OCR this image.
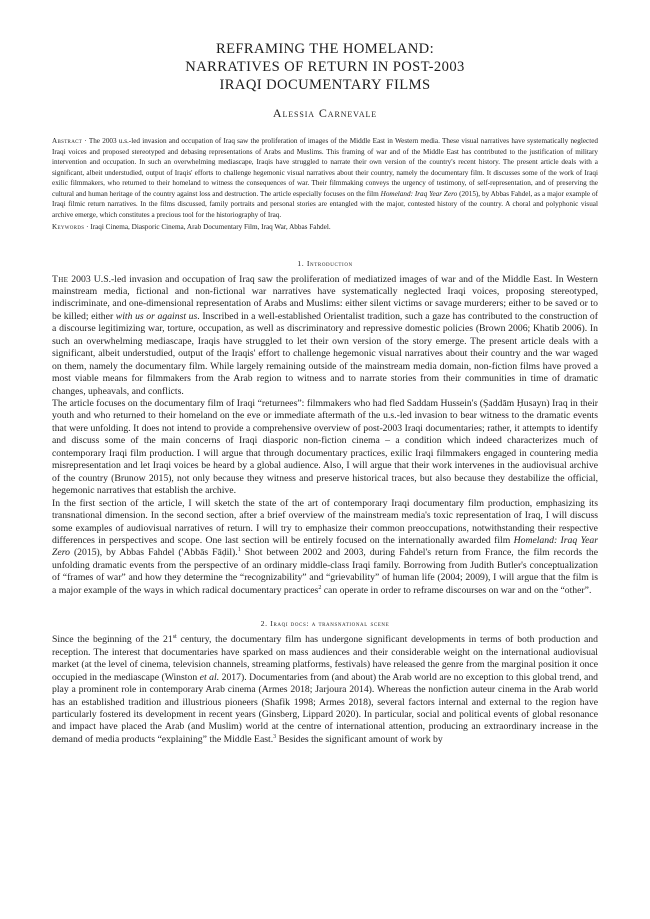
REFRAMING THE HOMELAND:
NARRATIVES OF RETURN IN POST-2003
IRAQI DOCUMENTARY FILMS
Alessia Carnevale
Abstract · The 2003 u.s.-led invasion and occupation of Iraq saw the proliferation of images of the Middle East in Western media. These visual narratives have systematically neglected Iraqi voices and proposed stereotyped and debasing representations of Arabs and Muslims. This framing of war and of the Middle East has contributed to the justification of military intervention and occupation. In such an overwhelming mediascape, Iraqis have struggled to narrate their own version of the country's recent history. The present article deals with a significant, albeit understudied, output of Iraqis' efforts to challenge hegemonic visual narratives about their country, namely the documentary film. It discusses some of the work of Iraqi exilic filmmakers, who returned to their homeland to witness the consequences of war. Their filmmaking conveys the urgency of testimony, of self-representation, and of preserving the cultural and human heritage of the country against loss and destruction. The article especially focuses on the film Homeland: Iraq Year Zero (2015), by Abbas Fahdel, as a major example of Iraqi filmic return narratives. In the films discussed, family portraits and personal stories are entangled with the major, contested history of the country. A choral and polyphonic visual archive emerge, which constitutes a precious tool for the historiography of Iraq.
Keywords · Iraqi Cinema, Diasporic Cinema, Arab Documentary Film, Iraq War, Abbas Fahdel.
1. Introduction

The 2003 U.S.-led invasion and occupation of Iraq saw the proliferation of mediatized images of war and of the Middle East. In Western mainstream media, fictional and non-fictional war narratives have systematically neglected Iraqi voices, proposing stereotyped, indiscriminate, and one-dimensional representation of Arabs and Muslims: either silent victims or savage murderers; either to be saved or to be killed; either with us or against us. Inscribed in a well-established Orientalist tradition, such a gaze has contributed to the construction of a discourse legitimizing war, torture, occupation, as well as discriminatory and repressive domestic policies (Brown 2006; Khatib 2006). In such an overwhelming mediascape, Iraqis have struggled to let their own version of the story emerge. The present article deals with a significant, albeit understudied, output of the Iraqis' effort to challenge hegemonic visual narratives about their country and the war waged on them, namely the documentary film. While largely remaining outside of the mainstream media domain, non-fiction films have proved a most viable means for filmmakers from the Arab region to witness and to narrate stories from their communities in time of dramatic changes, upheavals, and conflicts.

The article focuses on the documentary film of Iraqi “returnees”: filmmakers who had fled Saddam Hussein's (Ṣaddām Ḥusayn) Iraq in their youth and who returned to their homeland on the eve or immediate aftermath of the u.s.-led invasion to bear witness to the dramatic events that were unfolding. It does not intend to provide a comprehensive overview of post-2003 Iraqi documentaries; rather, it attempts to identify and discuss some of the main concerns of Iraqi diasporic non-fiction cinema – a condition which indeed characterizes much of contemporary Iraqi film production. I will argue that through documentary practices, exilic Iraqi filmmakers engaged in countering media misrepresentation and let Iraqi voices be heard by a global audience. Also, I will argue that their work intervenes in the audiovisual archive of the country (Brunow 2015), not only because they witness and preserve historical traces, but also because they destabilize the official, hegemonic narratives that establish the archive.

In the first section of the article, I will sketch the state of the art of contemporary Iraqi documentary film production, emphasizing its transnational dimension. In the second section, after a brief overview of the mainstream media's toxic representation of Iraq, I will discuss some examples of audiovisual narratives of return. I will try to emphasize their common preoccupations, notwithstanding their respective differences in perspectives and scope. One last section will be entirely focused on the internationally awarded film Homeland: Iraq Year Zero (2015), by Abbas Fahdel ('Abbās Fāḍil).$^1$ Shot between 2002 and 2003, during Fahdel's return from France, the film records the unfolding dramatic events from the perspective of an ordinary middle-class Iraqi family. Borrowing from Judith Butler's conceptualization of “frames of war” and how they determine the “recognizability” and “grievability” of human life (2004; 2009), I will argue that the film is a major example of the ways in which radical documentary practices$^2$ can operate in order to reframe discourses on war and on the “other”.

2. Iraqi docs: a transnational scene

Since the beginning of the 21st century, the documentary film has undergone significant developments in terms of both production and reception. The interest that documentaries have sparked on mass audiences and their considerable weight on the international audiovisual market (at the level of cinema, television channels, streaming platforms, festivals) have released the genre from the marginal position it once occupied in the mediascape (Winston et al. 2017). Documentaries from (and about) the Arab world are no exception to this global trend, and play a prominent role in contemporary Arab cinema (Armes 2018; Jarjoura 2014). Whereas the nonfiction auteur cinema in the Arab world has an established tradition and illustrious pioneers (Shafik 1998; Armes 2018), several factors internal and external to the region have particularly fostered its development in recent years (Ginsberg, Lippard 2020). In particular, social and political events of global resonance and impact have placed the Arab (and Muslim) world at the centre of international attention, producing an extraordinary increase in the demand of media products “explaining” the Middle East.$^3$ Besides the significant amount of work by
